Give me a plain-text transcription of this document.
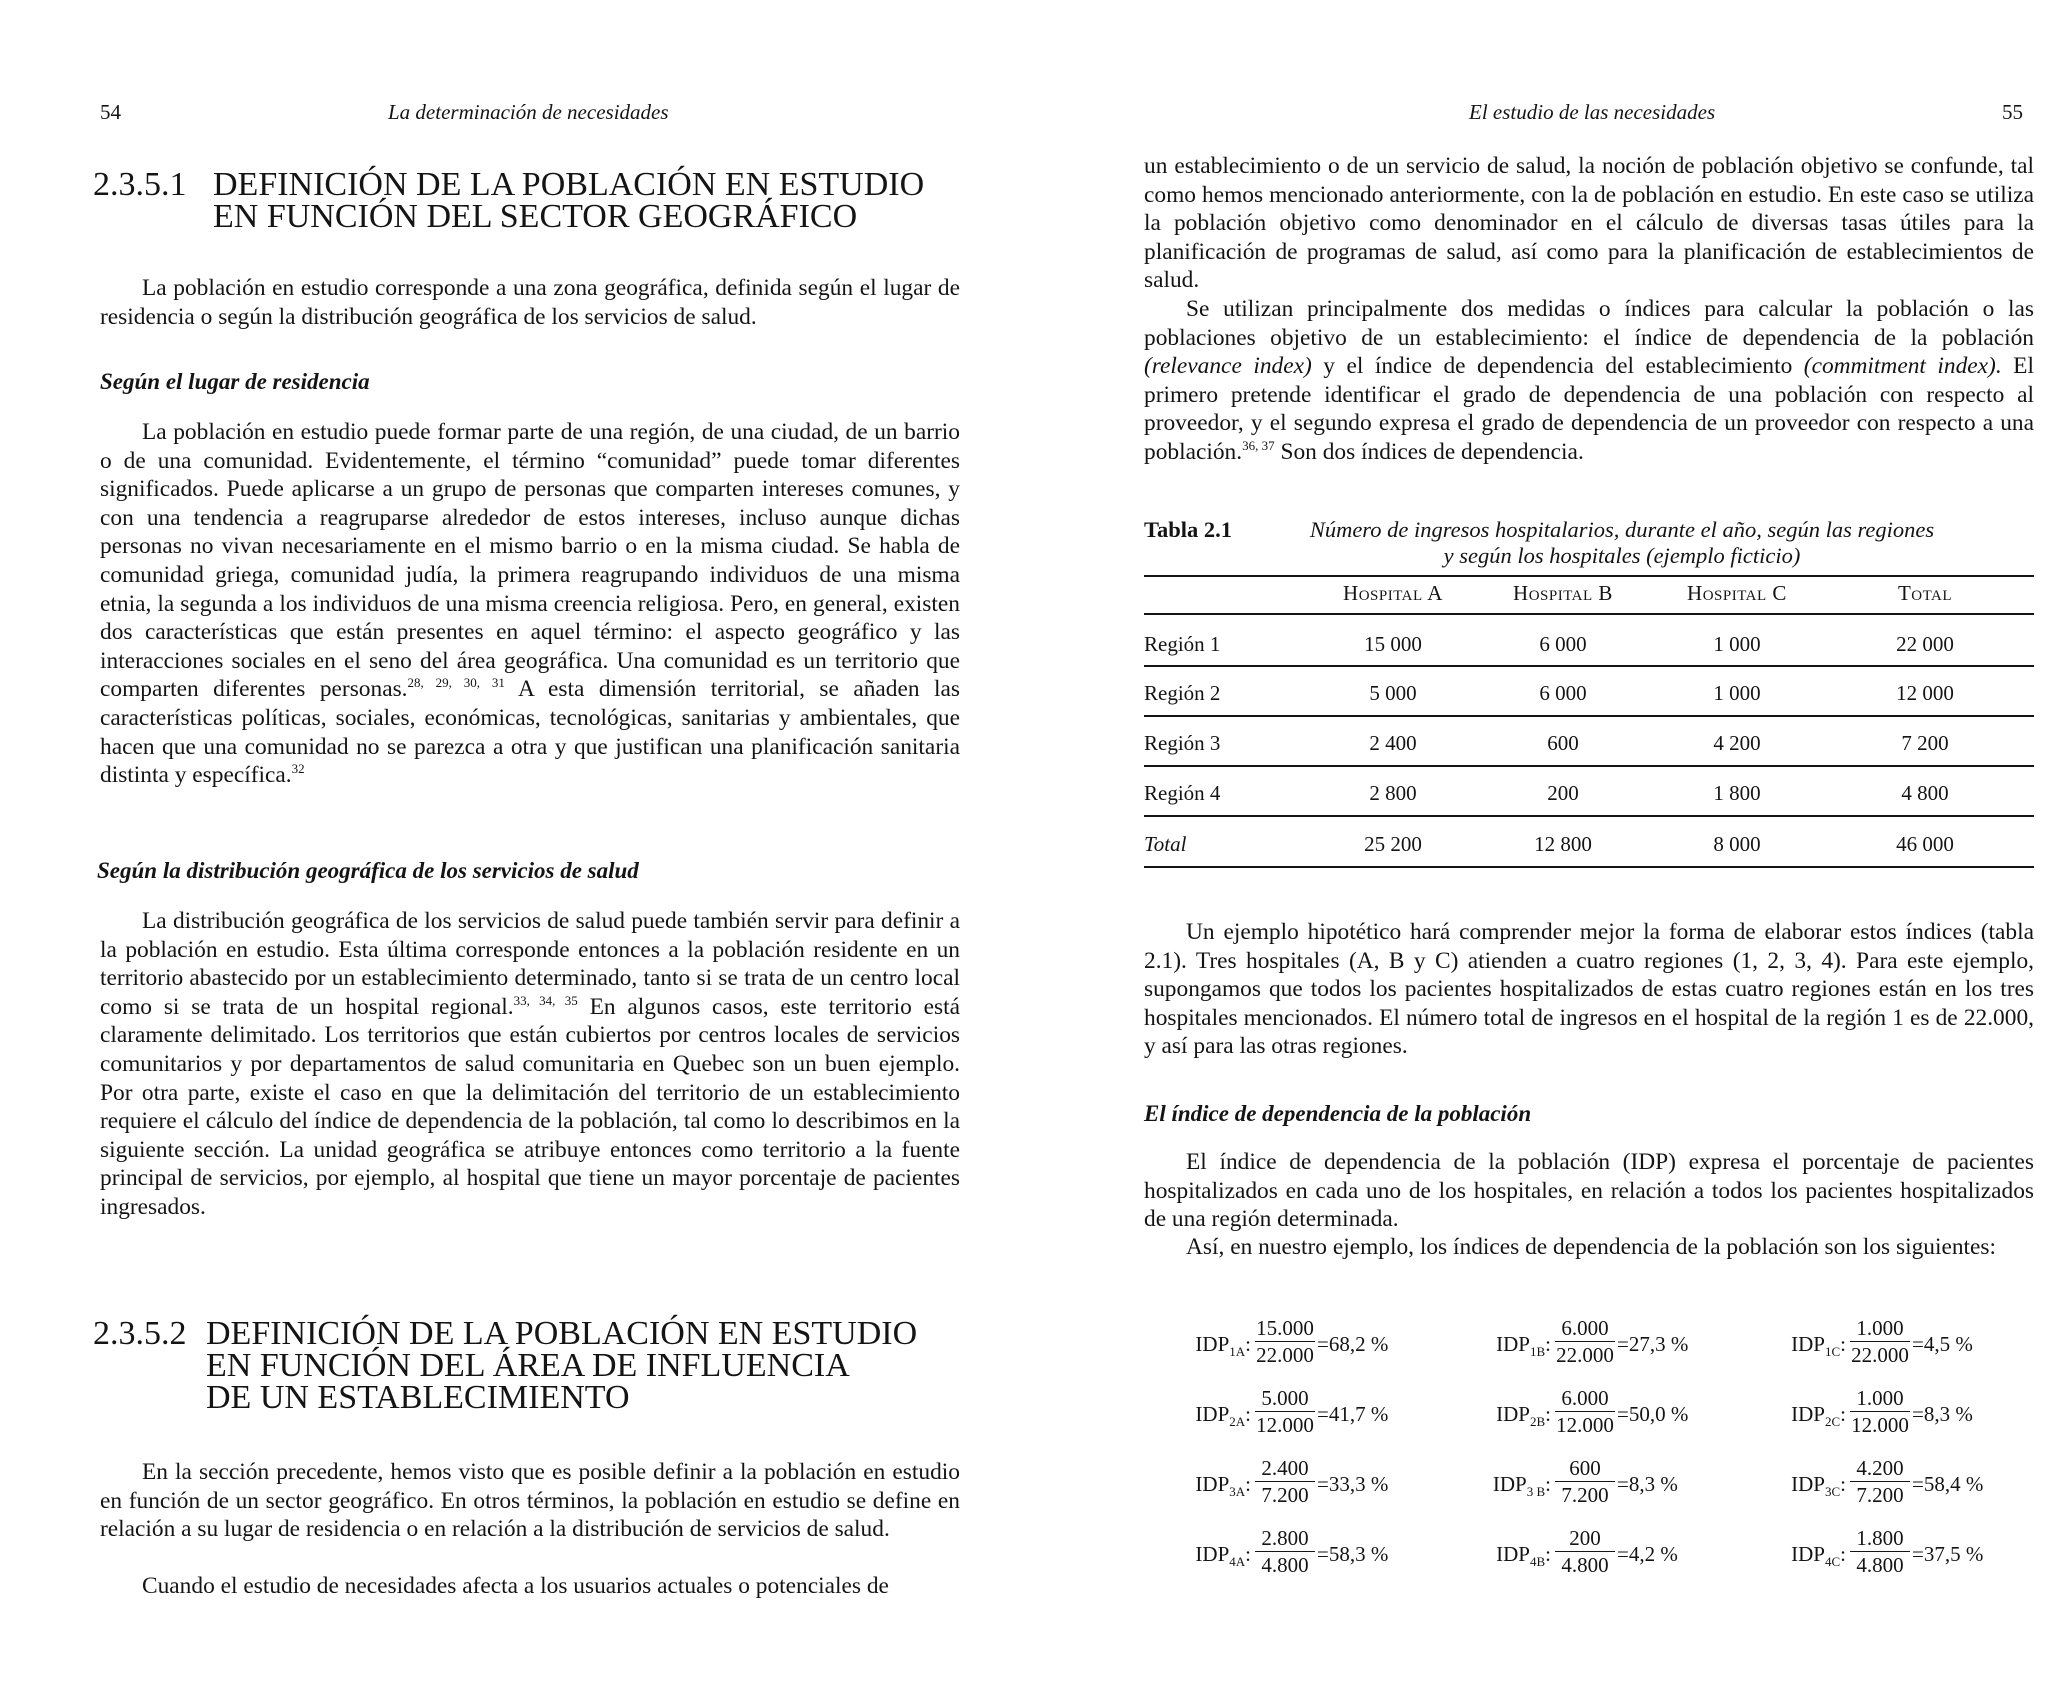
54	La determinación de necesidades
2.3.5.1 DEFINICIÓN DE LA POBLACIÓN EN ESTUDIO
EN FUNCIÓN DEL SECTOR GEOGRÁFICO

La población en estudio corresponde a una zona geográfica, definida según el lugar de residencia o según la distribución geográfica de los servicios de salud.

Según el lugar de residencia

La población en estudio puede formar parte de una región, de una ciudad, de un barrio o de una comunidad. Evidentemente, el término “comunidad” puede tomar diferentes significados. Puede aplicarse a un grupo de personas que comparten intereses comunes, y con una tendencia a reagruparse alrededor de estos intereses, incluso aunque dichas personas no vivan necesariamente en el mismo barrio o en la misma ciudad. Se habla de comunidad griega, comunidad judía, la primera reagrupando individuos de una misma etnia, la segunda a los individuos de una misma creencia religiosa. Pero, en general, existen dos características que están presentes en aquel término: el aspecto geográfico y las interacciones sociales en el seno del área geográfica. Una comunidad es un territorio que comparten diferentes personas.$^{28, 29, 30, 31}$ A esta dimensión territorial, se añaden las características políticas, sociales, económicas, tecnológicas, sanitarias y ambientales, que hacen que una comunidad no se parezca a otra y que justifican una planificación sanitaria distinta y específica.$^{32}$

Según la distribución geográfica de los servicios de salud

La distribución geográfica de los servicios de salud puede también servir para definir a la población en estudio. Esta última corresponde entonces a la población residente en un territorio abastecido por un establecimiento determinado, tanto si se trata de un centro local como si se trata de un hospital regional.$^{33, 34, 35}$ En algunos casos, este territorio está claramente delimitado. Los territorios que están cubiertos por centros locales de servicios comunitarios y por departamentos de salud comunitaria en Quebec son un buen ejemplo. Por otra parte, existe el caso en que la delimitación del territorio de un establecimiento requiere el cálculo del índice de dependencia de la población, tal como lo describimos en la siguiente sección. La unidad geográfica se atribuye entonces como territorio a la fuente principal de servicios, por ejemplo, al hospital que tiene un mayor porcentaje de pacientes ingresados.

2.3.5.2 DEFINICIÓN DE LA POBLACIÓN EN ESTUDIO
EN FUNCIÓN DEL ÁREA DE INFLUENCIA
DE UN ESTABLECIMIENTO

En la sección precedente, hemos visto que es posible definir a la población en estudio en función de un sector geográfico. En otros términos, la población en estudio se define en relación a su lugar de residencia o en relación a la distribución de servicios de salud.

Cuando el estudio de necesidades afecta a los usuarios actuales o potenciales de

El estudio de las necesidades	55

un establecimiento o de un servicio de salud, la noción de población objetivo se confunde, tal como hemos mencionado anteriormente, con la de población en estudio. En este caso se utiliza la población objetivo como denominador en el cálculo de diversas tasas útiles para la planificación de programas de salud, así como para la planificación de establecimientos de salud.

Se utilizan principalmente dos medidas o índices para calcular la población o las poblaciones objetivo de un establecimiento: el índice de dependencia de la población (relevance index) y el índice de dependencia del establecimiento (commitment index). El primero pretende identificar el grado de dependencia de una población con respecto al proveedor, y el segundo expresa el grado de dependencia de un proveedor con respecto a una población.$^{36, 37}$ Son dos índices de dependencia.

Tabla 2.1	Número de ingresos hospitalarios, durante el año, según las regiones
y según los hospitales (ejemplo ficticio)
Hospital A	Hospital B	Hospital C	Total
Región 1	15 000	6 000	1 000	22 000
Región 2	5 000	6 000	1 000	12 000
Región 3	2 400	600	4 200	7 200
Región 4	2 800	200	1 800	4 800
Total	25 200	12 800	8 000	46 000

Un ejemplo hipotético hará comprender mejor la forma de elaborar estos índices (tabla 2.1). Tres hospitales (A, B y C) atienden a cuatro regiones (1, 2, 3, 4). Para este ejemplo, supongamos que todos los pacientes hospitalizados de estas cuatro regiones están en los tres hospitales mencionados. El número total de ingresos en el hospital de la región 1 es de 22.000, y así para las otras regiones.

El índice de dependencia de la población

El índice de dependencia de la población (IDP) expresa el porcentaje de pacientes hospitalizados en cada uno de los hospitales, en relación a todos los pacientes hospitalizados de una región determinada.

Así, en nuestro ejemplo, los índices de dependencia de la población son los siguientes:

$IDP_{1A}$: $\frac{15.000}{22.000} =68,2$ %	$IDP_{1B}$: $\frac{6.000}{22.000} =27,3$ %	$IDP_{1C}$: $\frac{1.000}{22.000} =4,5$ %
$IDP_{2A}$: $\frac{5.000}{12.000} =41,7$ %	$IDP_{2B}$: $\frac{6.000}{12.000} =50,0$ %	$IDP_{2C}$: $\frac{1.000}{12.000} =8,3$ %
$IDP_{3A}$: $\frac{2.400}{7.200} =33,3$ %	$IDP_{3 B}$: $\frac{600}{7.200} =8,3$ %	$IDP_{3C}$: $\frac{4.200}{7.200} =58,4$ %
$IDP_{4A}$: $\frac{2.800}{4.800} =58,3$ %	$IDP_{4B}$: $\frac{200}{4.800} =4,2$ %	$IDP_{4C}$: $\frac{1.800}{4.800} =37,5$ %
